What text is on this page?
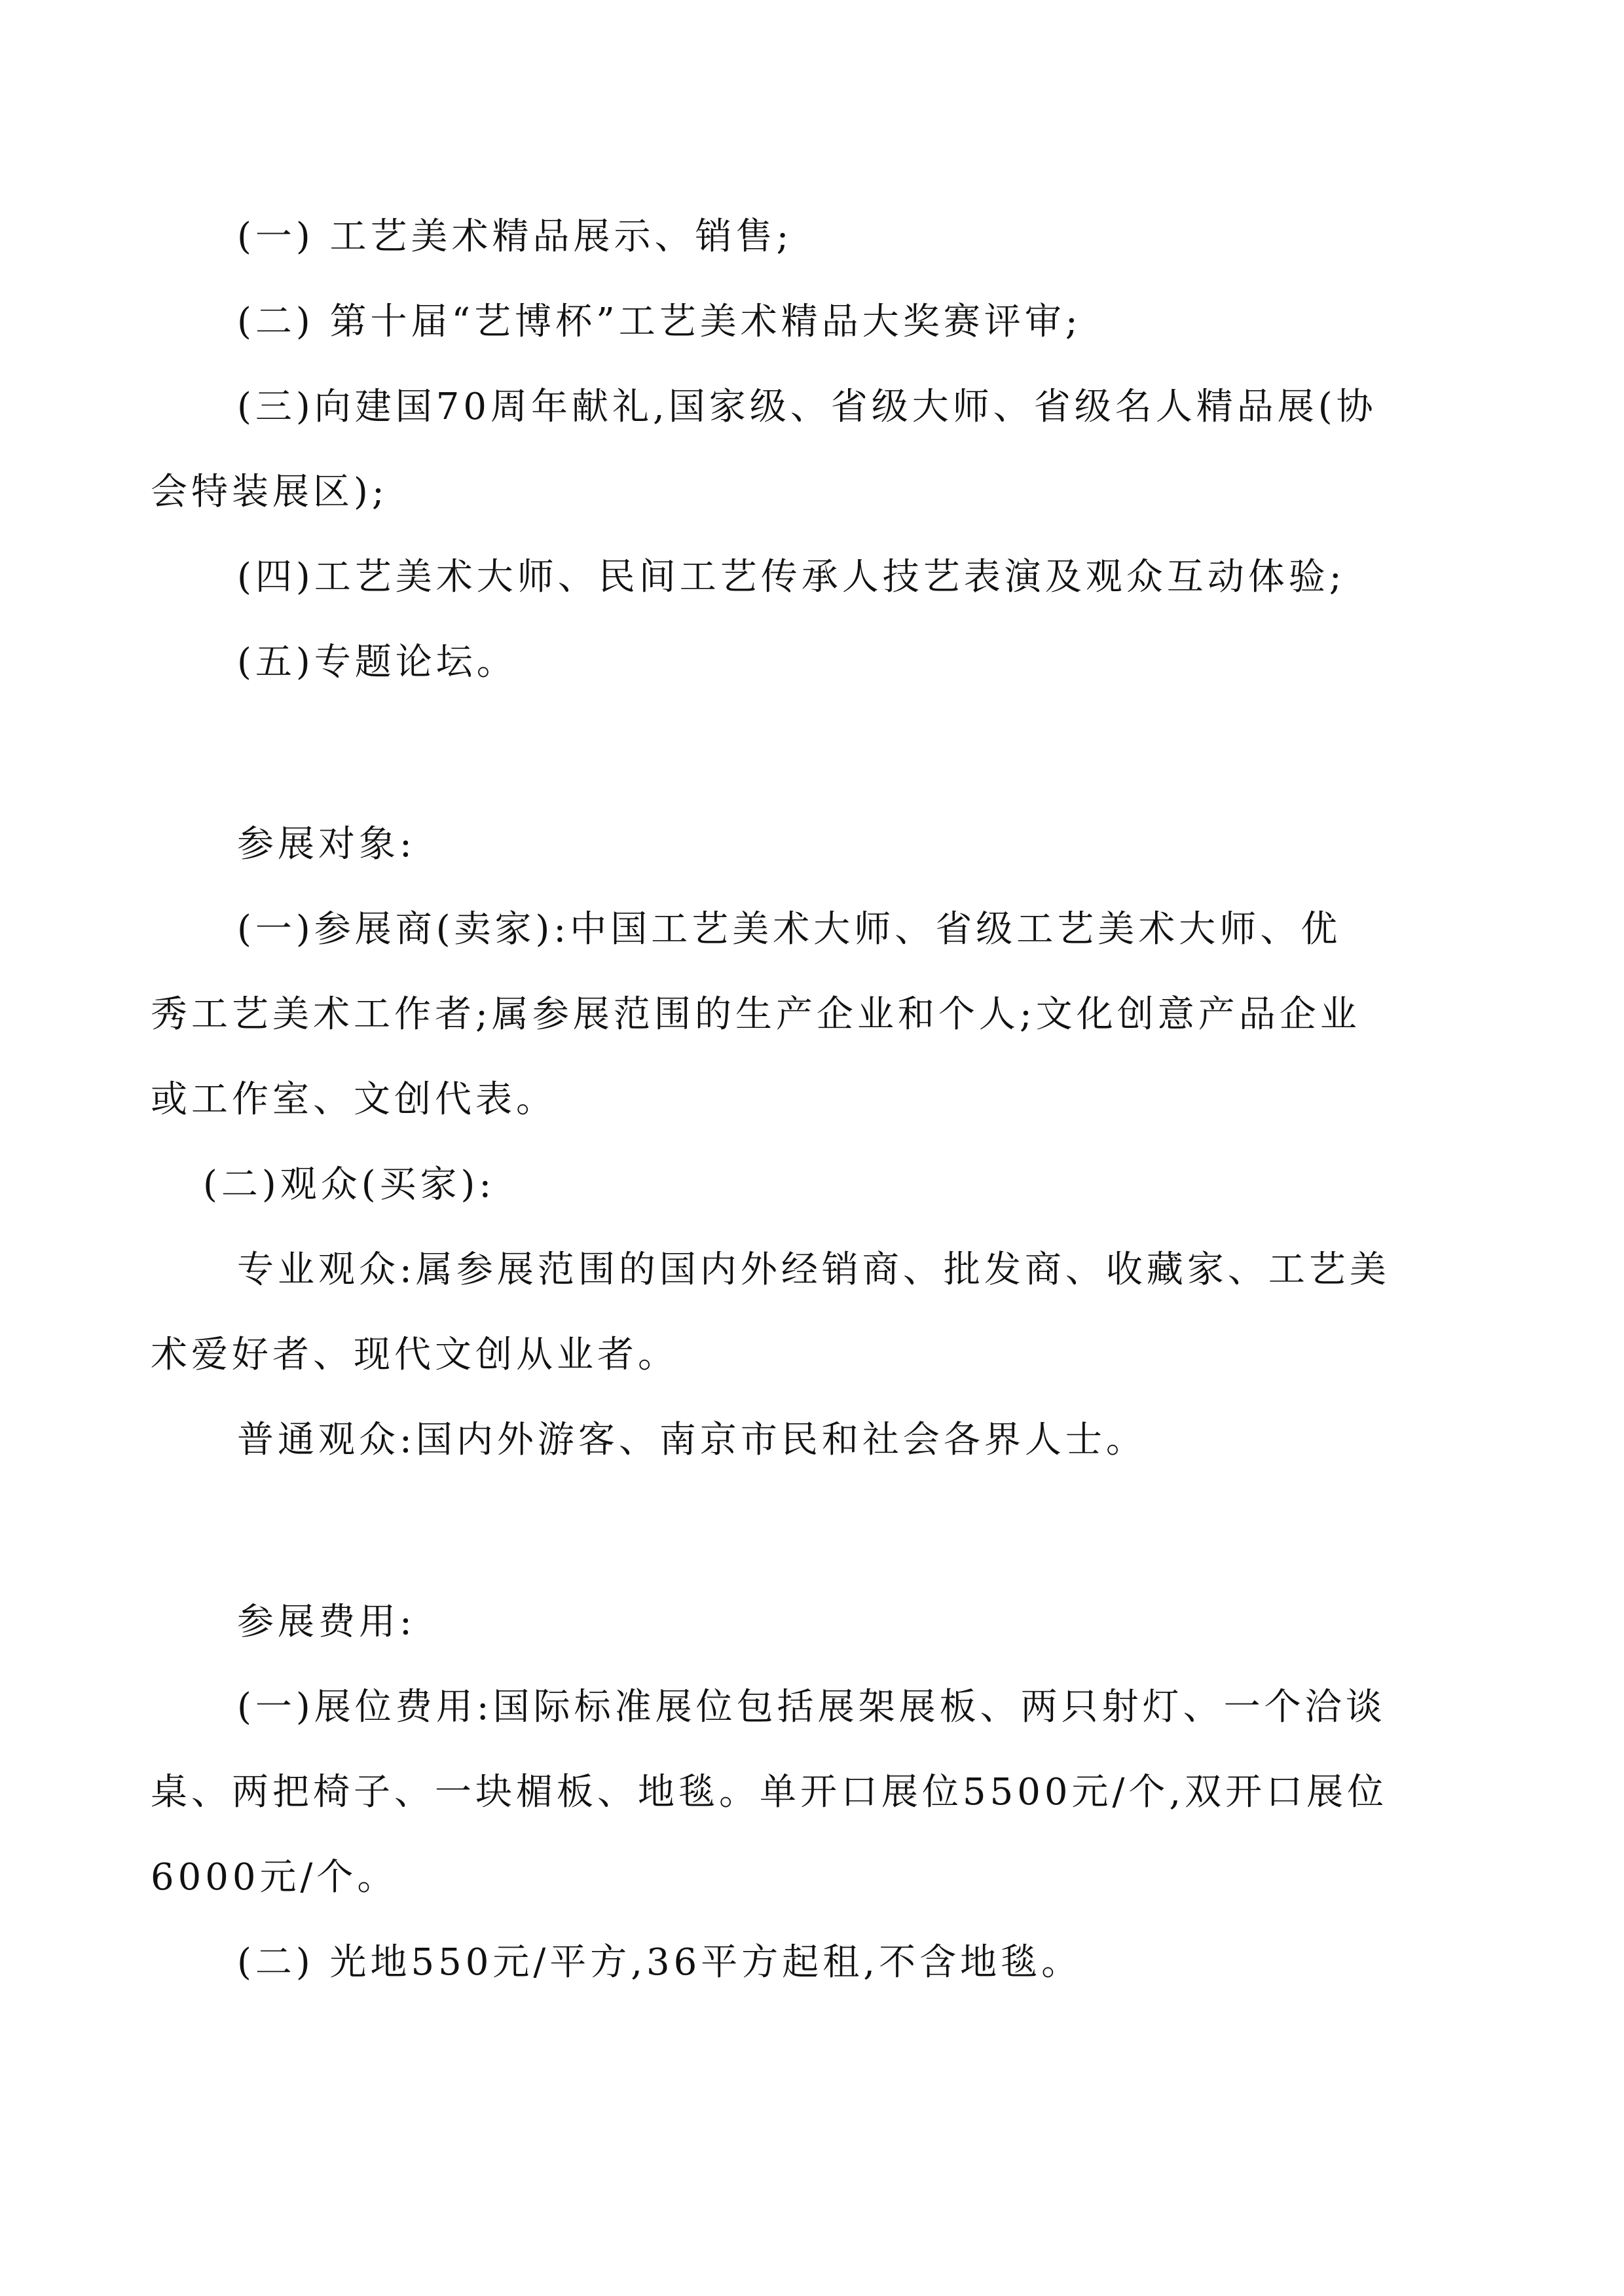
(一) 工艺美术精品展示、销售;
(二) 第十届“艺博杯”工艺美术精品大奖赛评审;
(三)向建国70周年献礼,国家级、省级大师、省级名人精品展(协
会特装展区);
(四)工艺美术大师、民间工艺传承人技艺表演及观众互动体验;
(五)专题论坛。
参展对象:
(一)参展商(卖家):中国工艺美术大师、省级工艺美术大师、优
秀工艺美术工作者;属参展范围的生产企业和个人;文化创意产品企业
或工作室、文创代表。
(二)观众(买家):
专业观众:属参展范围的国内外经销商、批发商、收藏家、工艺美
术爱好者、现代文创从业者。
普通观众:国内外游客、南京市民和社会各界人士。
参展费用:
(一)展位费用:国际标准展位包括展架展板、两只射灯、一个洽谈
桌、两把椅子、一块楣板、地毯。单开口展位5500元/个,双开口展位
6000元/个。
(二) 光地550元/平方,36平方起租,不含地毯。
